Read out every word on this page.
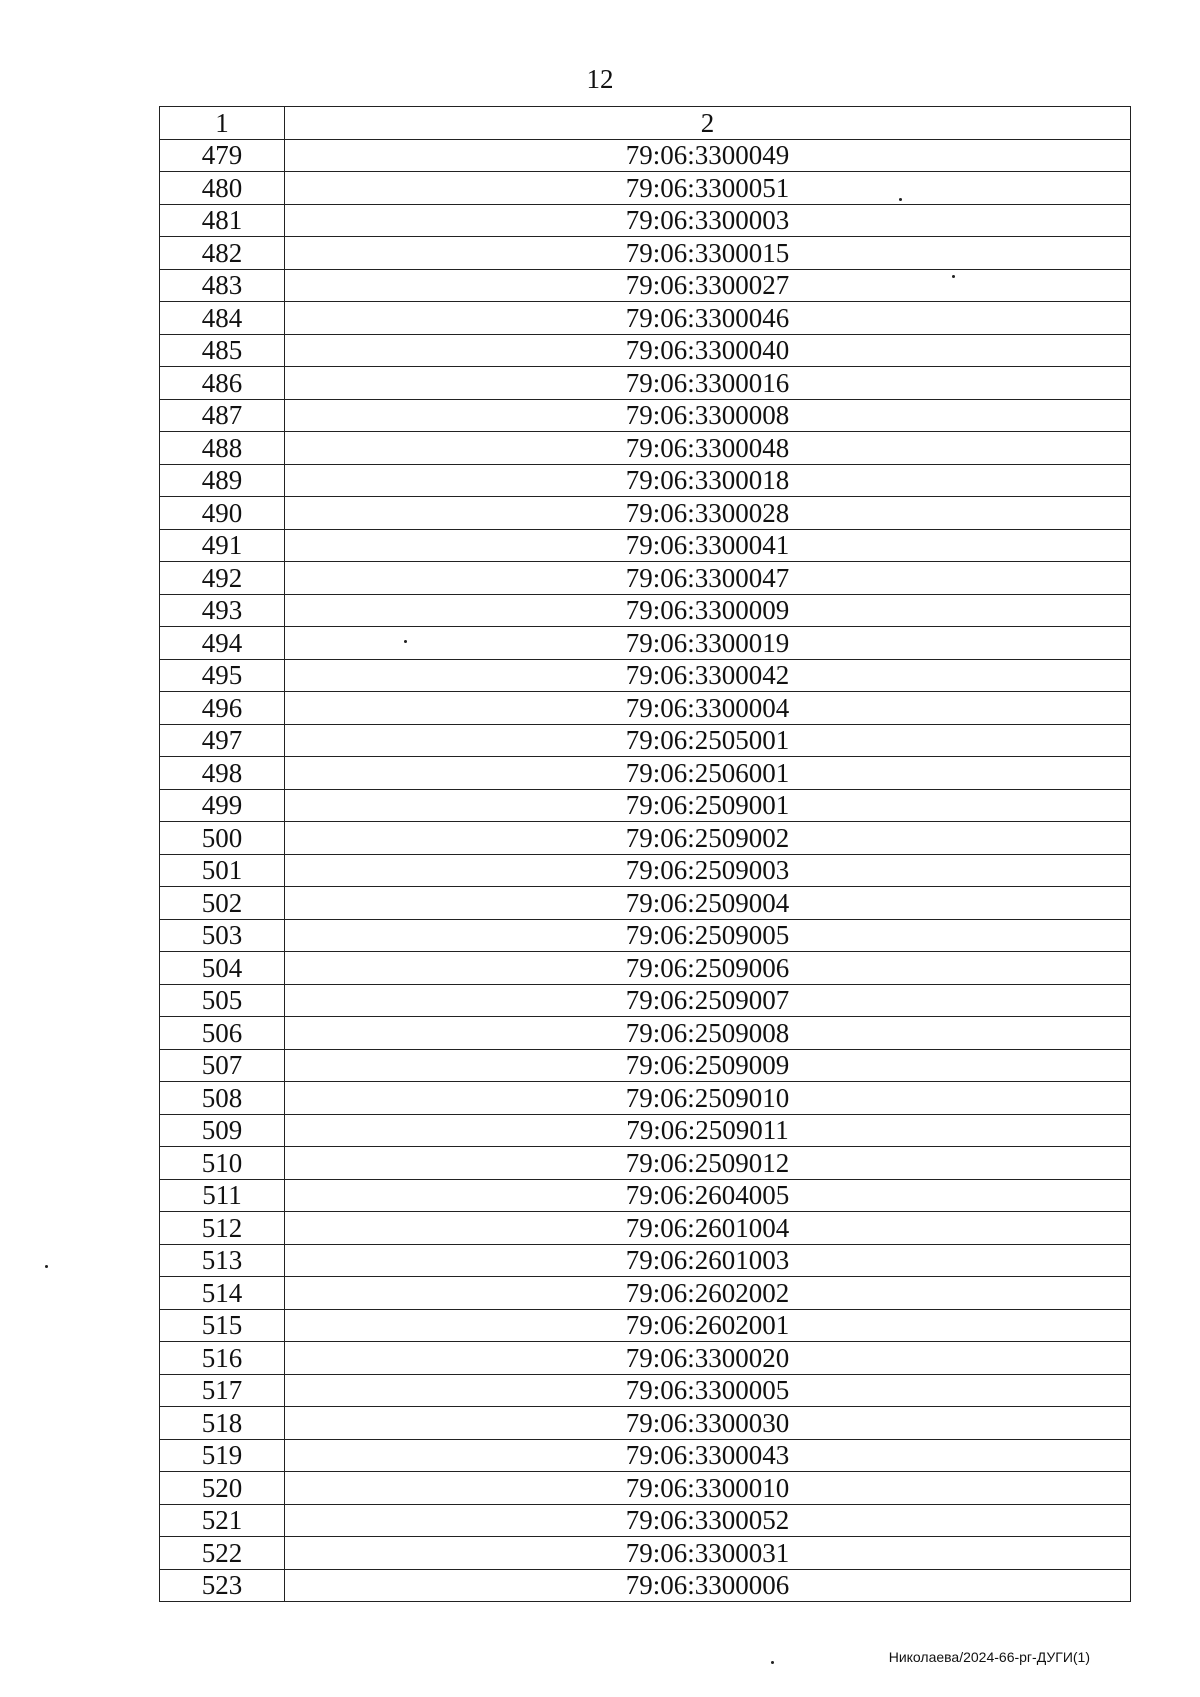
12
1	2
479	79:06:3300049
480	79:06:3300051
481	79:06:3300003
482	79:06:3300015
483	79:06:3300027
484	79:06:3300046
485	79:06:3300040
486	79:06:3300016
487	79:06:3300008
488	79:06:3300048
489	79:06:3300018
490	79:06:3300028
491	79:06:3300041
492	79:06:3300047
493	79:06:3300009
494	79:06:3300019
495	79:06:3300042
496	79:06:3300004
497	79:06:2505001
498	79:06:2506001
499	79:06:2509001
500	79:06:2509002
501	79:06:2509003
502	79:06:2509004
503	79:06:2509005
504	79:06:2509006
505	79:06:2509007
506	79:06:2509008
507	79:06:2509009
508	79:06:2509010
509	79:06:2509011
510	79:06:2509012
511	79:06:2604005
512	79:06:2601004
513	79:06:2601003
514	79:06:2602002
515	79:06:2602001
516	79:06:3300020
517	79:06:3300005
518	79:06:3300030
519	79:06:3300043
520	79:06:3300010
521	79:06:3300052
522	79:06:3300031
523	79:06:3300006
Николаева/2024-66-рг-ДУГИ(1)
